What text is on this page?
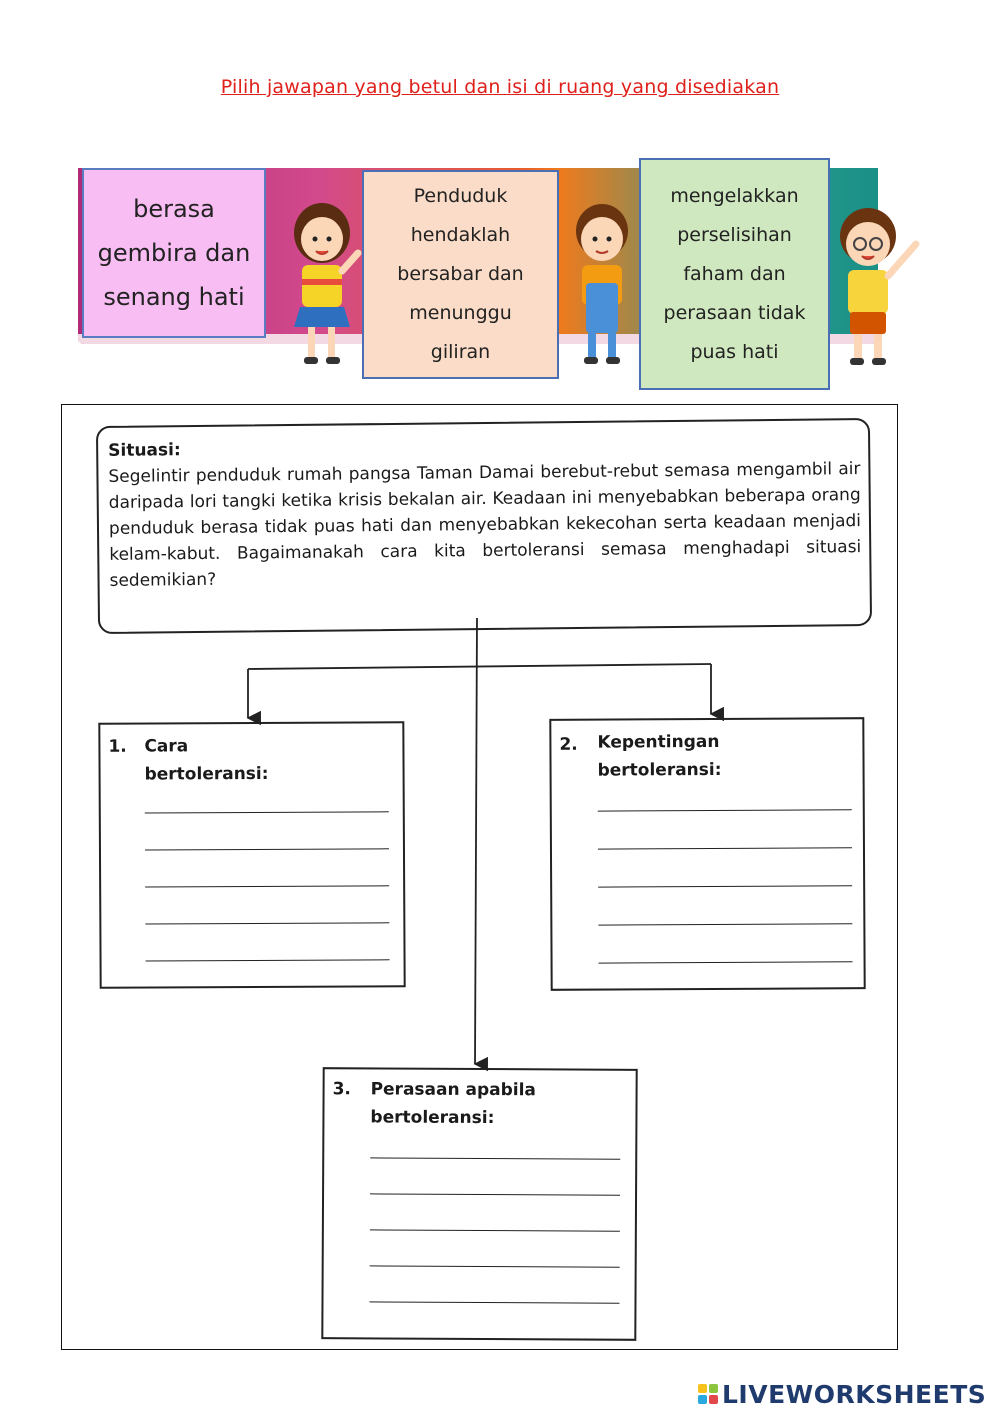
Pilih jawapan yang betul dan isi di ruang yang disediakan
berasa
gembira dan
senang hati
Penduduk
hendaklah
bersabar dan
menunggu
giliran
mengelakkan
perselisihan
faham dan
perasaan tidak
puas hati
Situasi:
Segelintir penduduk rumah pangsa Taman Damai berebut-rebut semasa mengambil air daripada lori tangki ketika krisis bekalan air. Keadaan ini menyebabkan beberapa orang penduduk berasa tidak puas hati dan menyebabkan kekecohan serta keadaan menjadi kelam-kabut. Bagaimanakah cara kita bertoleransi semasa menghadapi situasi sedemikian?
1. Cara
bertoleransi:
2. Kepentingan
bertoleransi:
3. Perasaan apabila
bertoleransi:
LIVEWORKSHEETS
